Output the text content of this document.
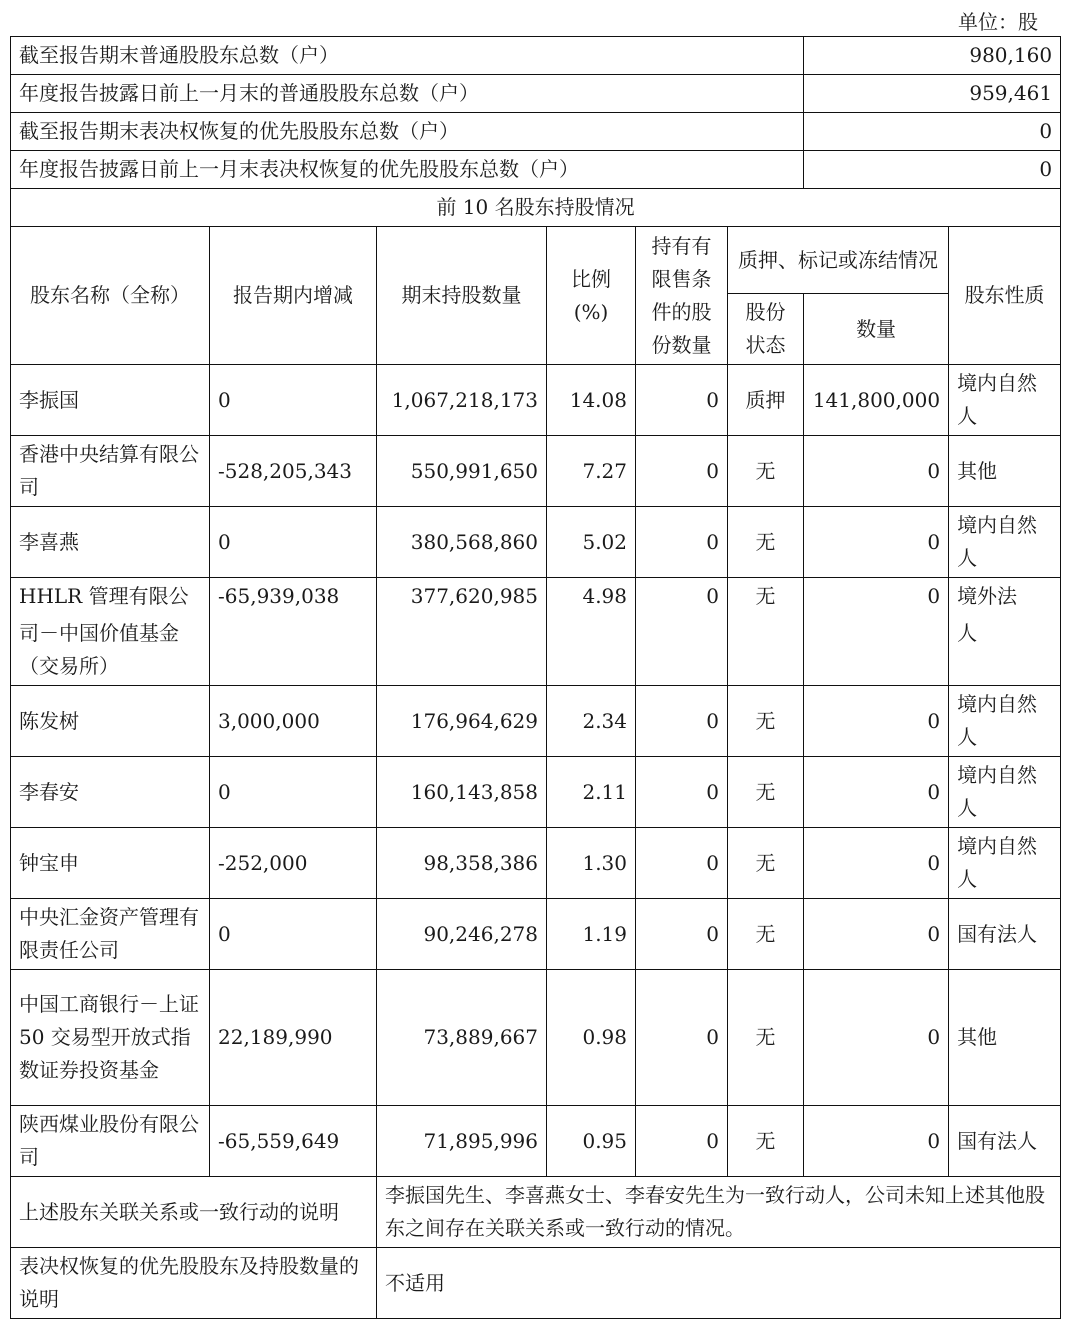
单位：股
截至报告期末普通股股东总数（户）						980,160	
年度报告披露日前上一月末的普通股股东总数（户）						959,461	
截至报告期末表决权恢复的优先股股东总数（户）						0	
年度报告披露日前上一月末表决权恢复的优先股股东总数（户）						0	
前 10 名股东持股情况							
股东名称（全称）	报告期内增减	期末持股数量	比例(%)	持有有限售条件的股份数量	质押、标记或冻结情况		股东性质
					股份状态	数量	
李振国	0	1,067,218,173	14.08	0	质押	141,800,000	境内自然人
香港中央结算有限公司	-528,205,343	550,991,650	7.27	0	无	0	其他
李喜燕	0	380,568,860	5.02	0	无	0	境内自然人
HHLR 管理有限公	-65,939,038	377,620,985	4.98	0	无	0	境外法
司－中国价值基金（交易所）							人
陈发树	3,000,000	176,964,629	2.34	0	无	0	境内自然人
李春安	0	160,143,858	2.11	0	无	0	境内自然人
钟宝申	-252,000	98,358,386	1.30	0	无	0	境内自然人
中央汇金资产管理有限责任公司	0	90,246,278	1.19	0	无	0	国有法人
中国工商银行－上证 50 交易型开放式指数证券投资基金	22,189,990	73,889,667	0.98	0	无	0	其他
陕西煤业股份有限公司	-65,559,649	71,895,996	0.95	0	无	0	国有法人
上述股东关联关系或一致行动的说明		李振国先生、李喜燕女士、李春安先生为一致行动人，公司未知上述其他股东之间存在关联关系或一致行动的情况。					
表决权恢复的优先股股东及持股数量的说明		不适用					
